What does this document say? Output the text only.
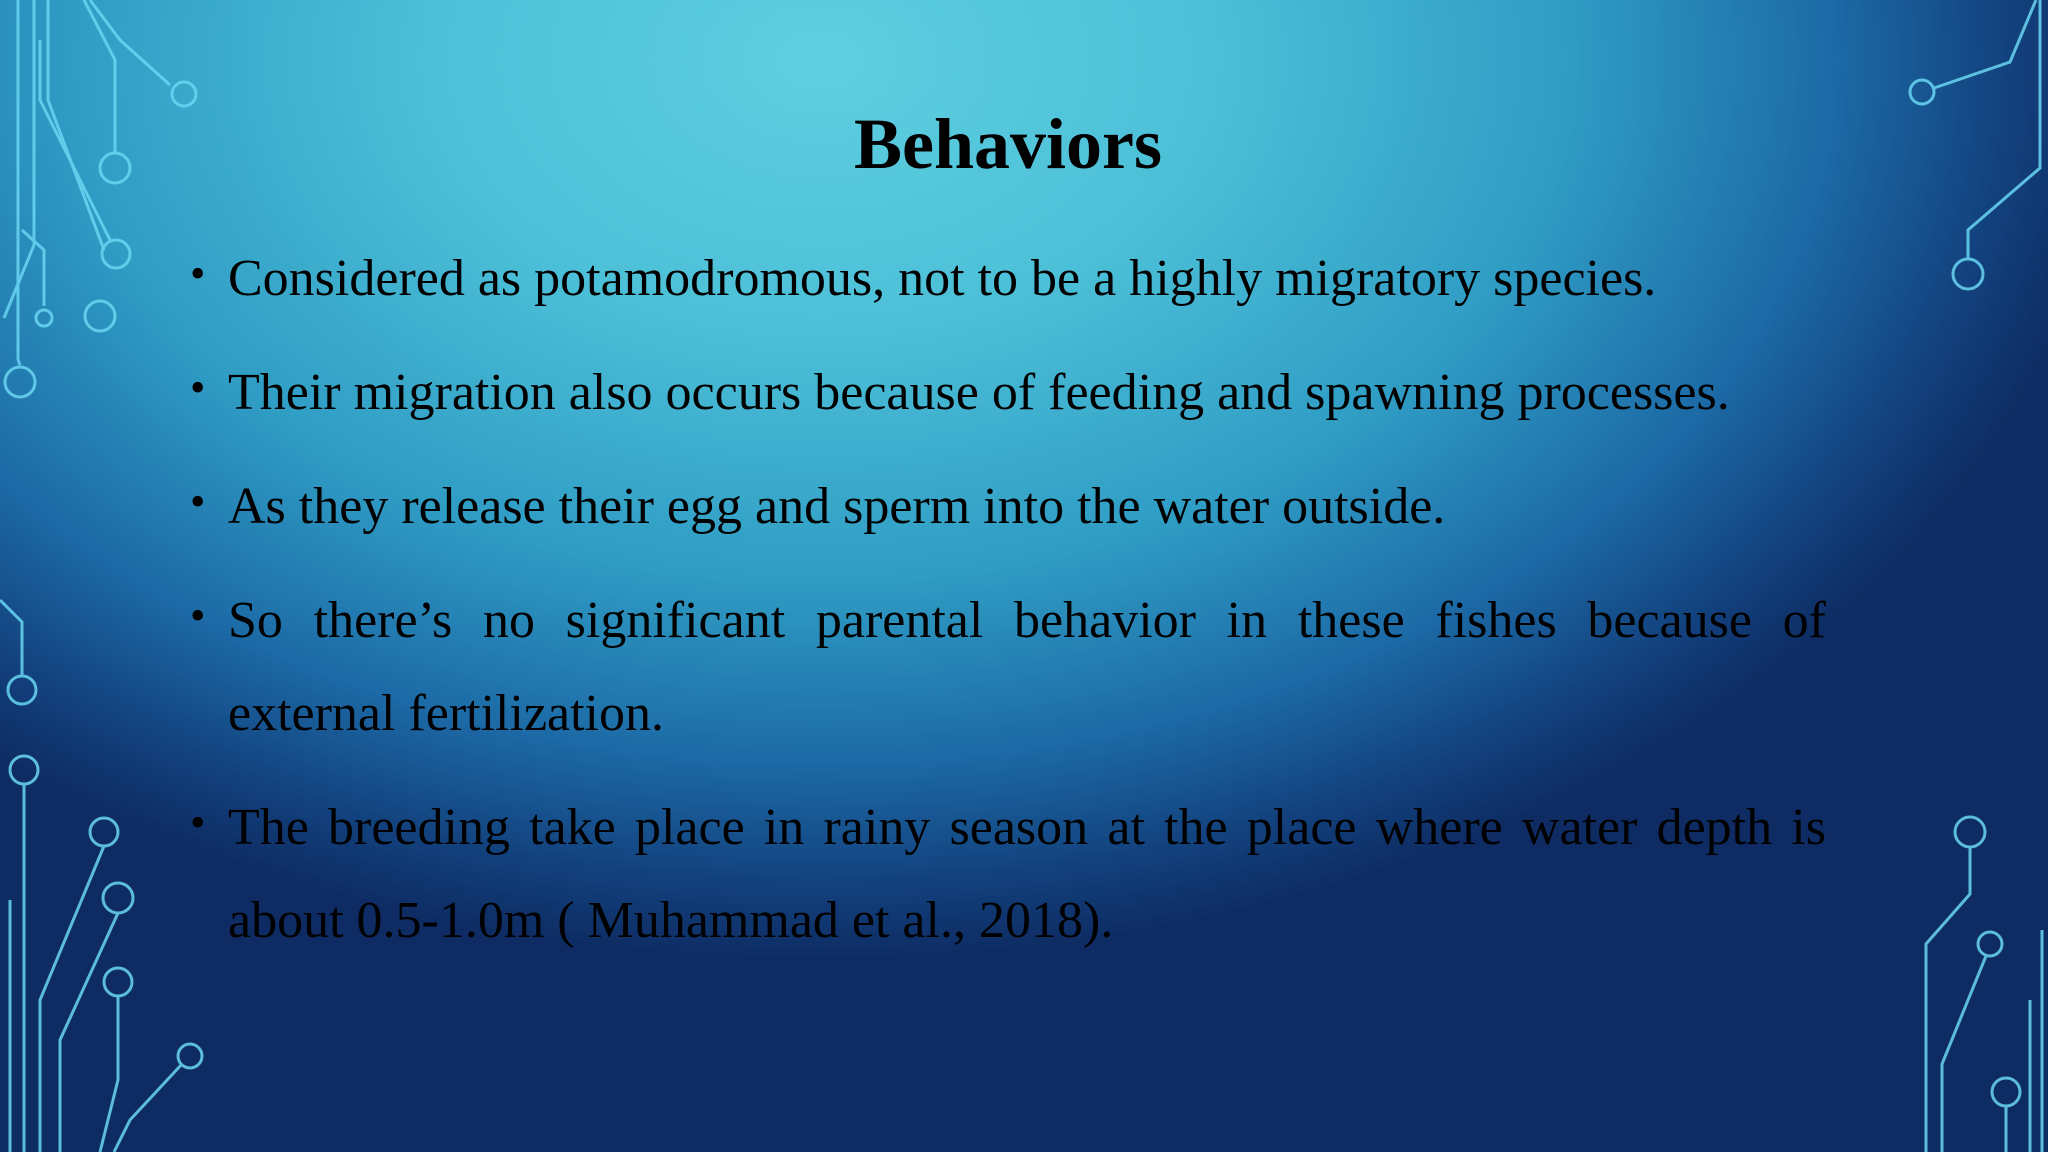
Behaviors
• Considered as potamodromous, not to be a highly migratory species.
• Their migration also occurs because of feeding and spawning processes.
• As they release their egg and sperm into the water outside.
• So there’s no significant parental behavior in these fishes because of external fertilization.
• The breeding take place in rainy season at the place where water depth is about 0.5-1.0m ( Muhammad et al., 2018).
